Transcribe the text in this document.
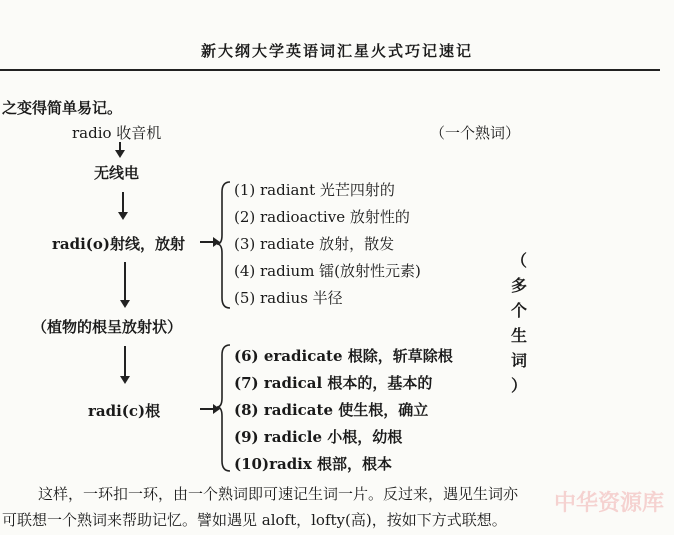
新大纲大学英语词汇星火式巧记速记
之变得简单易记。
radio 收音机	（一个熟词）
无线电
radi(o)射线，放射
(1) radiant 光芒四射的
(2) radioactive 放射性的
(3) radiate 放射，散发
(4) radium 镭(放射性元素)
(5) radius 半径
（
多
个
生
词
）
（植物的根呈放射状）
radi(c)根
(6) eradicate 根除，斩草除根
(7) radical 根本的，基本的
(8) radicate 使生根，确立
(9) radicle 小根，幼根
(10)radix 根部，根本
这样，一环扣一环，由一个熟词即可速记生词一片。反过来，遇见生词亦
可联想一个熟词来帮助记忆。譬如遇见 aloft，lofty(高)，按如下方式联想。
中华资源库
